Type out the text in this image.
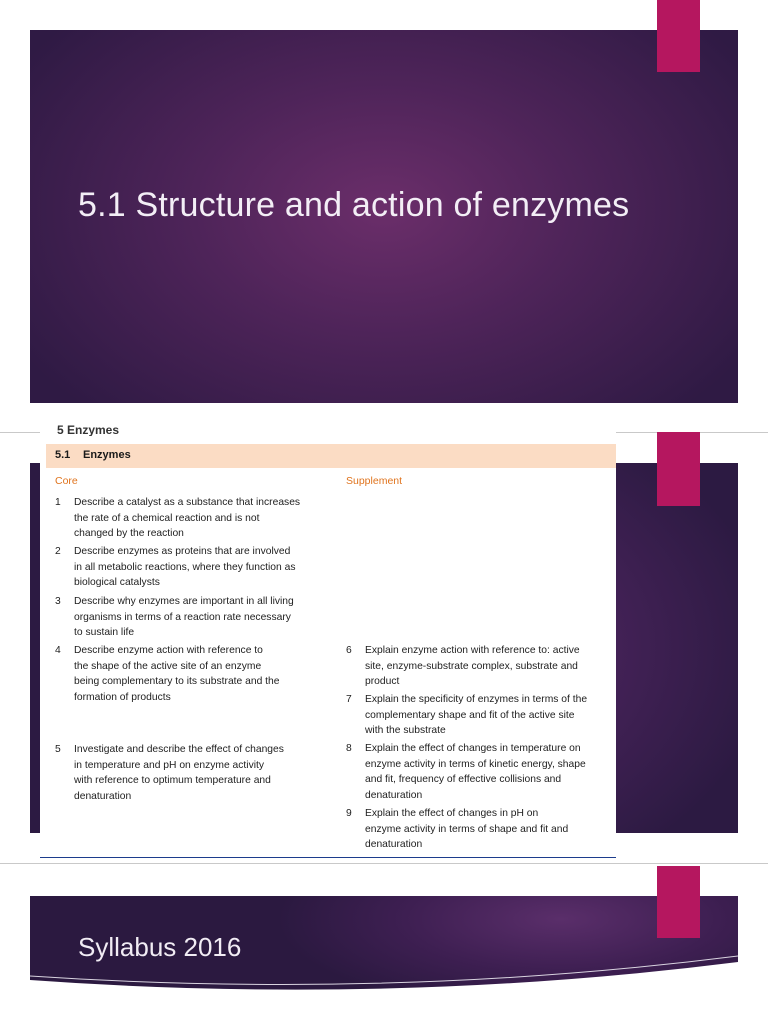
5.1 Structure and action of enzymes
5 Enzymes
5.1 Enzymes
Core	Supplement
1 Describe a catalyst as a substance that increases
the rate of a chemical reaction and is not
changed by the reaction
2 Describe enzymes as proteins that are involved
in all metabolic reactions, where they function as
biological catalysts
3 Describe why enzymes are important in all living
organisms in terms of a reaction rate necessary
to sustain life
4 Describe enzyme action with reference to
the shape of the active site of an enzyme
being complementary to its substrate and the
formation of products
5 Investigate and describe the effect of changes
in temperature and pH on enzyme activity
with reference to optimum temperature and
denaturation
6 Explain enzyme action with reference to: active
site, enzyme-substrate complex, substrate and
product
7 Explain the specificity of enzymes in terms of the
complementary shape and fit of the active site
with the substrate
8 Explain the effect of changes in temperature on
enzyme activity in terms of kinetic energy, shape
and fit, frequency of effective collisions and
denaturation
9 Explain the effect of changes in pH on
enzyme activity in terms of shape and fit and
denaturation
Syllabus 2016
